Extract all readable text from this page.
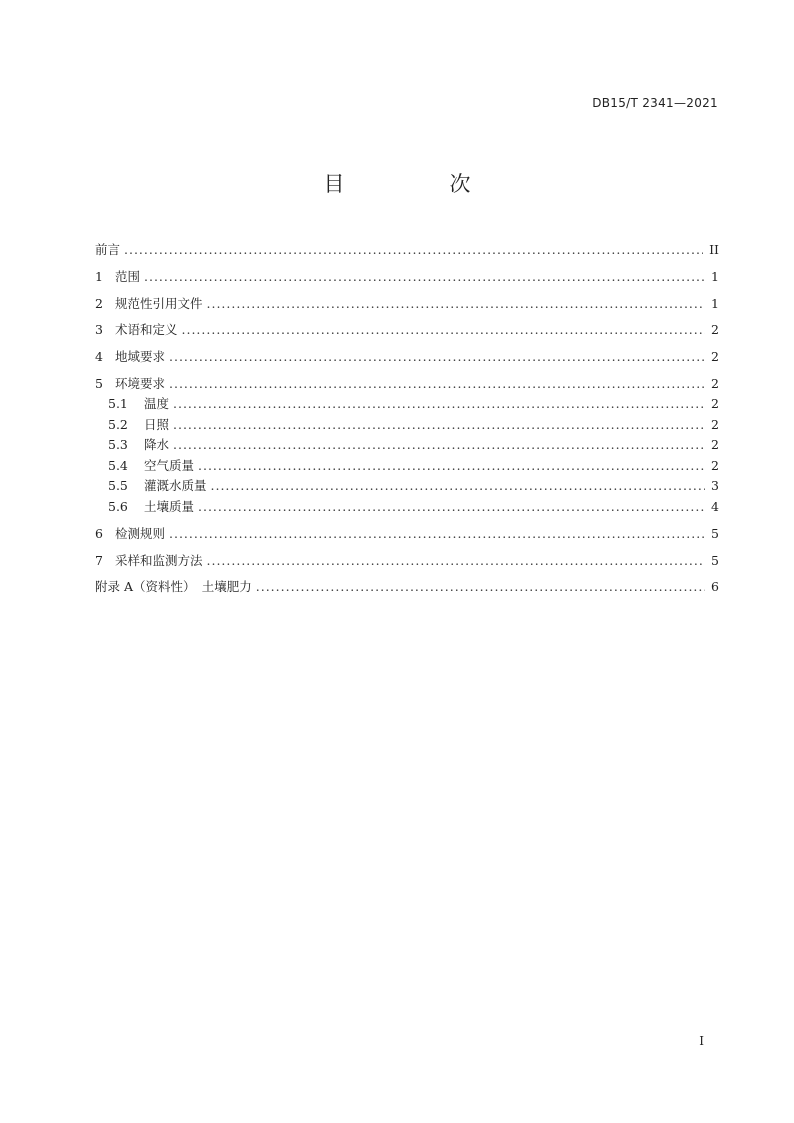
DB15/T 2341—2021
目　次
前言 .....	II
1 范围 .....	1
2 规范性引用文件 .....	1
3 术语和定义 .....	2
4 地域要求 .....	2
5 环境要求 .....	2
5.1	温度 .....	2
5.2	日照 .....	2
5.3	降水 .....	2
5.4	空气质量 .....	2
5.5	灌溉水质量 .....	3
5.6	土壤质量 .....	4
6 检测规则 .....	5
7 采样和监测方法 .....	5
附录 A（资料性）　土壤肥力 .....	6
I
